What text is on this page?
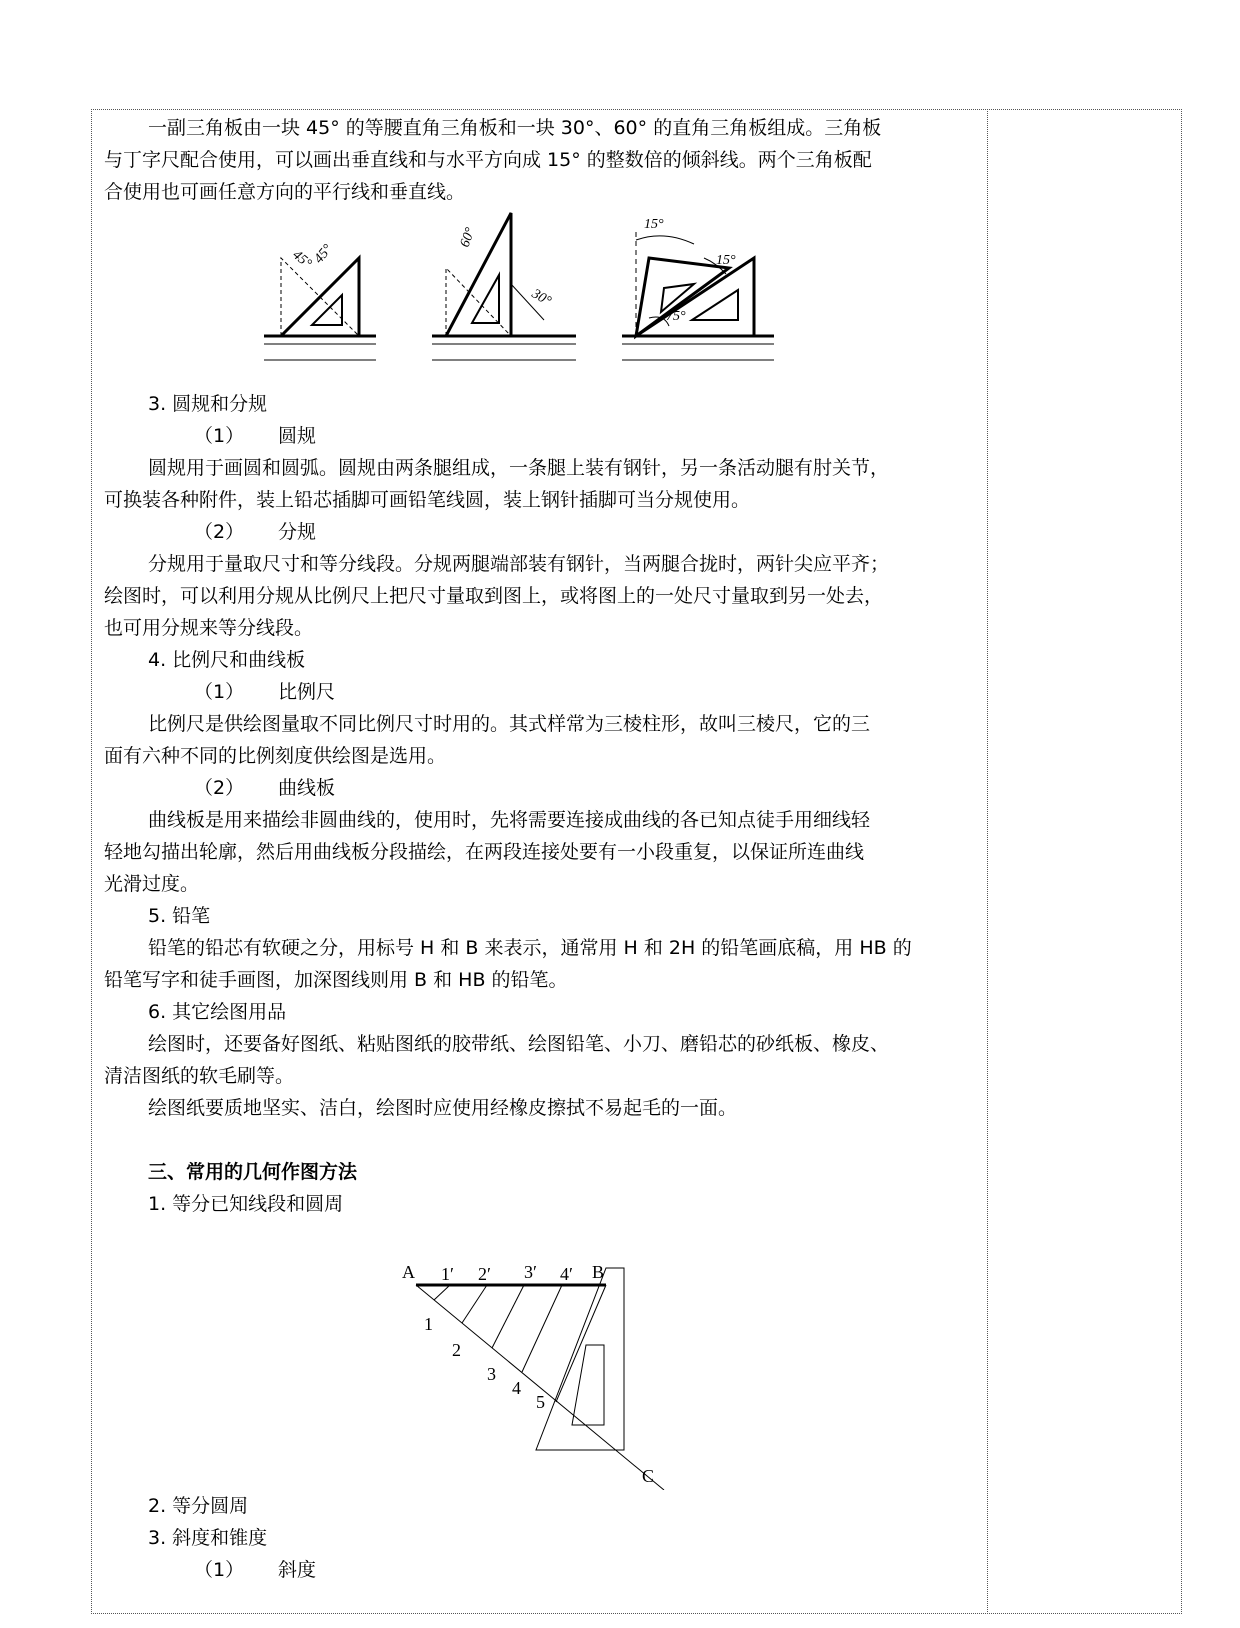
一副三角板由一块 45° 的等腰直角三角板和一块 30°、60° 的直角三角板组成。三角板

与丁字尺配合使用，可以画出垂直线和与水平方向成 15° 的整数倍的倾斜线。两个三角板配

合使用也可画任意方向的平行线和垂直线。

45°
45°
60°
30°
15°
15°
75°

3. 圆规和分规

（1） 圆规

圆规用于画圆和圆弧。圆规由两条腿组成，一条腿上装有钢针，另一条活动腿有肘关节，

可换装各种附件，装上铅芯插脚可画铅笔线圆，装上钢针插脚可当分规使用。

（2） 分规

分规用于量取尺寸和等分线段。分规两腿端部装有钢针，当两腿合拢时，两针尖应平齐；

绘图时，可以利用分规从比例尺上把尺寸量取到图上，或将图上的一处尺寸量取到另一处去，

也可用分规来等分线段。

4. 比例尺和曲线板

（1） 比例尺

比例尺是供绘图量取不同比例尺寸时用的。其式样常为三棱柱形，故叫三棱尺，它的三

面有六种不同的比例刻度供绘图是选用。

（2） 曲线板

曲线板是用来描绘非圆曲线的，使用时，先将需要连接成曲线的各已知点徒手用细线轻

轻地勾描出轮廓，然后用曲线板分段描绘，在两段连接处要有一小段重复，以保证所连曲线

光滑过度。

5. 铅笔

铅笔的铅芯有软硬之分，用标号 H 和 B 来表示，通常用 H 和 2H 的铅笔画底稿，用 HB 的

铅笔写字和徒手画图，加深图线则用 B 和 HB 的铅笔。

6. 其它绘图用品

绘图时，还要备好图纸、粘贴图纸的胶带纸、绘图铅笔、小刀、磨铅芯的砂纸板、橡皮、

清洁图纸的软毛刷等。

绘图纸要质地坚实、洁白，绘图时应使用经橡皮擦拭不易起毛的一面。

三、常用的几何作图方法

1. 等分已知线段和圆周

A	B
C
1′ 2′ 3′ 4′
1
2
3
4
5

2. 等分圆周

3. 斜度和锥度

（1） 斜度
